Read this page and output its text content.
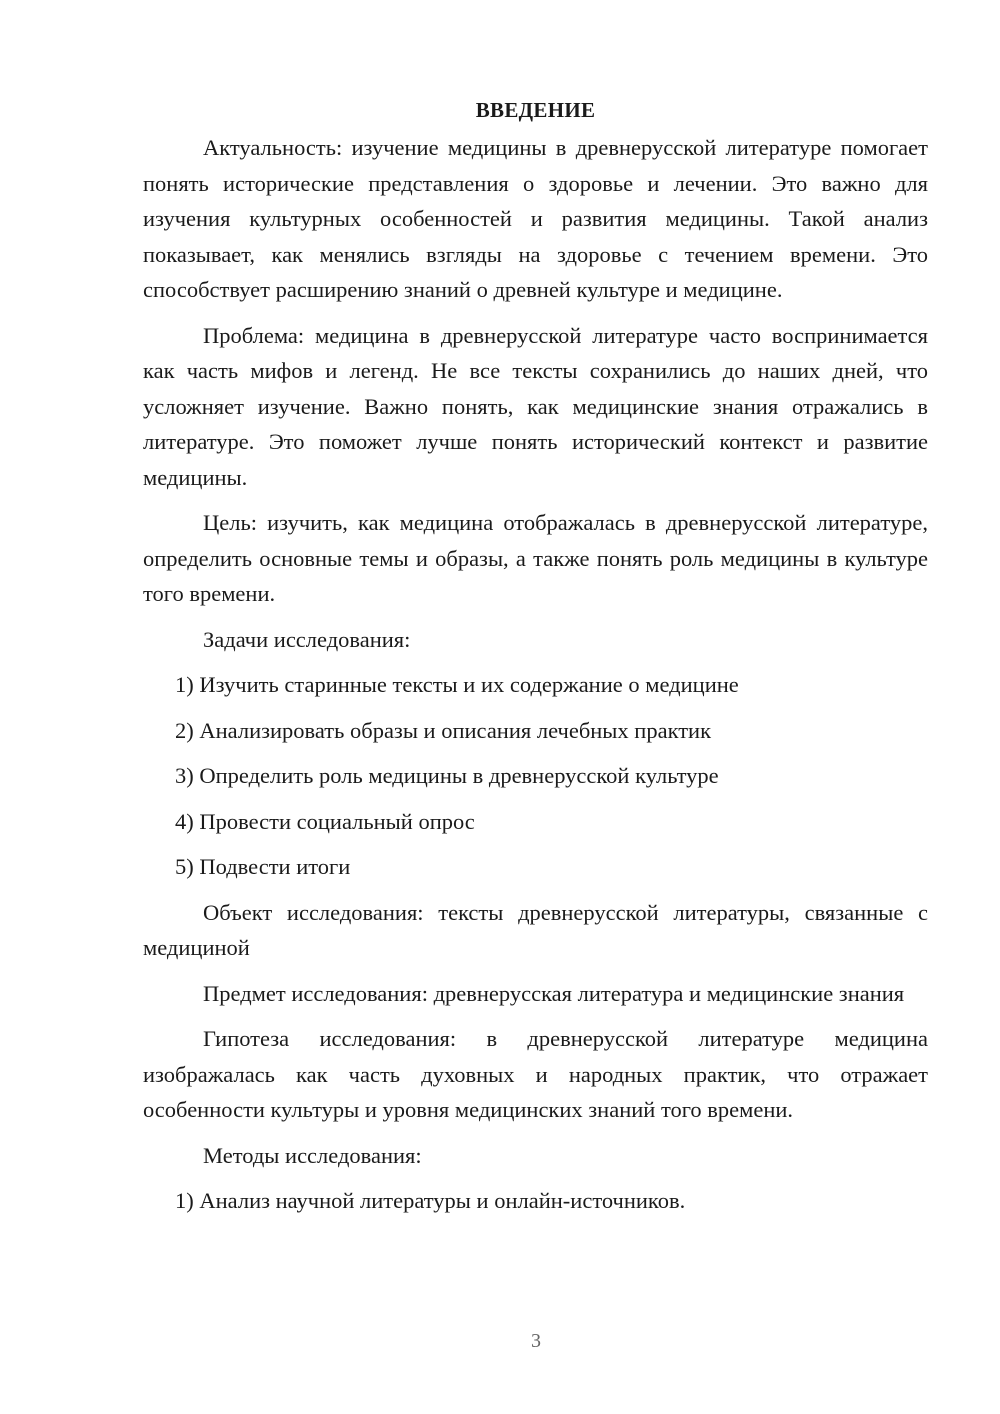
ВВЕДЕНИЕ

Актуальность: изучение медицины в древнерусской литературе помогает понять исторические представления о здоровье и лечении. Это важно для изучения культурных особенностей и развития медицины. Такой анализ показывает, как менялись взгляды на здоровье с течением времени. Это способствует расширению знаний о древней культуре и медицине.

Проблема: медицина в древнерусской литературе часто воспринимается как часть мифов и легенд. Не все тексты сохранились до наших дней, что усложняет изучение. Важно понять, как медицинские знания отражались в литературе. Это поможет лучше понять исторический контекст и развитие медицины.

Цель: изучить, как медицина отображалась в древнерусской литературе, определить основные темы и образы, а также понять роль медицины в культуре того времени.

Задачи исследования:

1) Изучить старинные тексты и их содержание о медицине

2) Анализировать образы и описания лечебных практик

3) Определить роль медицины в древнерусской культуре

4) Провести социальный опрос

5) Подвести итоги

Объект исследования: тексты древнерусской литературы, связанные с медициной

Предмет исследования: древнерусская литература и медицинские знания

Гипотеза исследования: в древнерусской литературе медицина изображалась как часть духовных и народных практик, что отражает особенности культуры и уровня медицинских знаний того времени.

Методы исследования:

1) Анализ научной литературы и онлайн-источников.

3
